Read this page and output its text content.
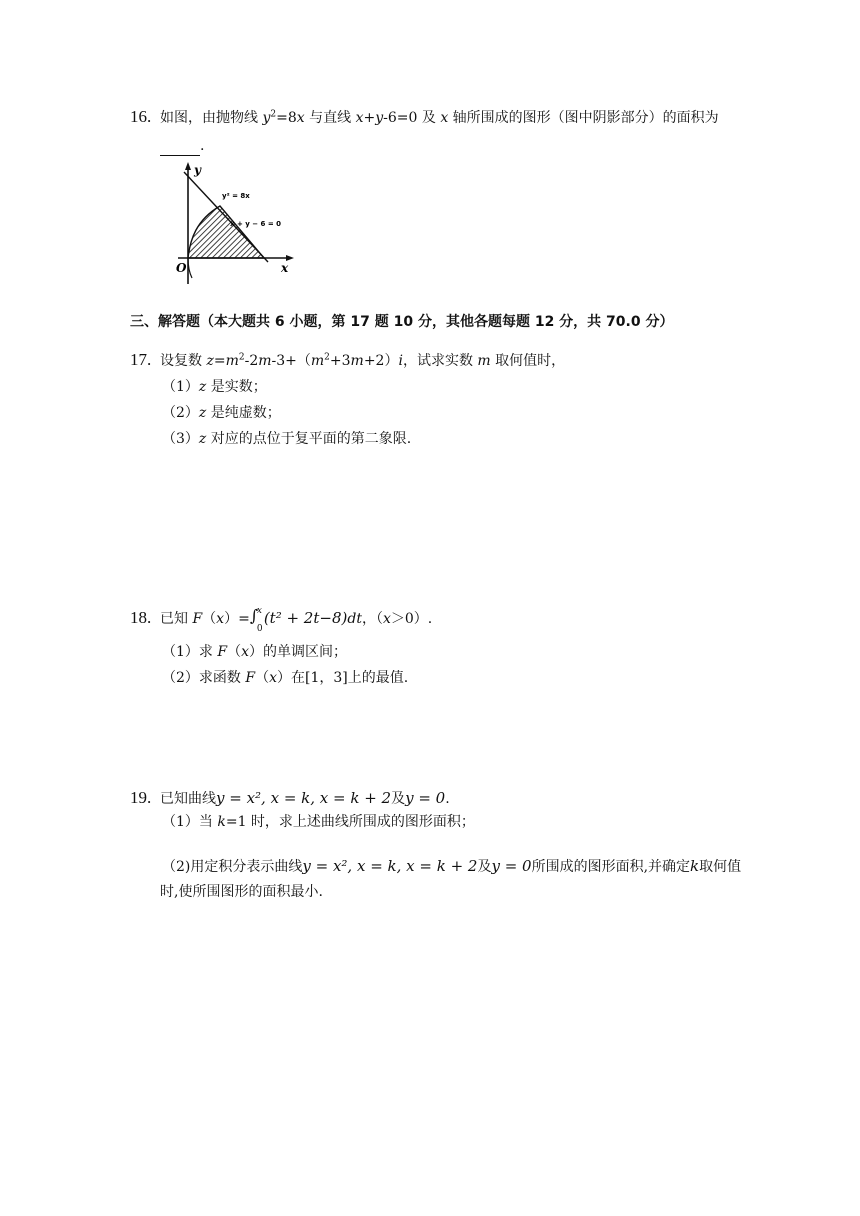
16. 如图，由抛物线 $y^2=8x$ 与直线 x+y-6=0 及 x 轴所围成的图形（图中阴影部分）的面积为
.
y
x
O
y² = 8x
x + y − 6 = 0
三、解答题（本大题共 6 小题，第 17 题 10 分，其他各题每题 12 分，共 70.0 分）
17. 设复数 $z=m^2-2m-3+(m^2+3m+2)i$，试求实数 m 取何值时，
（1）z 是实数；
（2）z 是纯虚数；
（3）z 对应的点位于复平面的第二象限.
18. 已知 F（x）= ∫
x
0
(t² + 2t−8)dt，（x＞0）.
（1）求 F（x）的单调区间；
（2）求函数 F（x）在[1，3]上的最值.
19. 已知曲线y = x², x = k, x = k + 2及y = 0.
（1）当 k=1 时，求上述曲线所围成的图形面积；
（2)用定积分表示曲线y = x², x = k, x = k + 2及y = 0所围成的图形面积,并确定k取何值
时,使所围图形的面积最小.
